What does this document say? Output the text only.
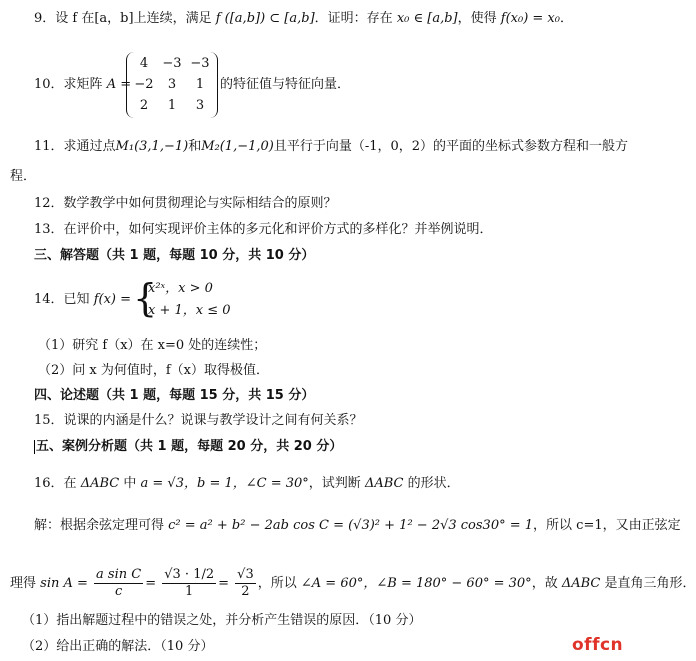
9．设 f 在[a，b]上连续，满足 f ([a,b]) ⊂ [a,b]．证明：存在 x₀ ∈ [a,b]，使得 f(x₀) = x₀．
10．求矩阵 A =
4	−3	−3
−2	3	1
2	1	3
的特征值与特征向量．
11．求通过点M₁(3,1,−1)和M₂(1,−1,0)且平行于向量（-1，0，2）的平面的坐标式参数方程和一般方
程．
12．数学教学中如何贯彻理论与实际相结合的原则？
13．在评价中，如何实现评价主体的多元化和评价方式的多样化？并举例说明．
三、解答题（共 1 题，每题 10 分，共 10 分）
14．已知 f(x) = {
x²ˣ，x > 0
x + 1，x ≤ 0
（1）研究 f（x）在 x=0 处的连续性；
（2）问 x 为何值时，f（x）取得极值．
四、论述题（共 1 题，每题 15 分，共 15 分）
15．说课的内涵是什么？说课与教学设计之间有何关系？
五、案例分析题（共 1 题，每题 20 分，共 20 分）
16．在 ΔABC 中 a = √3，b = 1，∠C = 30°，试判断 ΔABC 的形状．
解：根据余弦定理可得 c² = a² + b² − 2ab cos C = (√3)² + 1² − 2√3 cos30° = 1，所以 c=1，又由正弦定
理得 $\sin A = \frac{\text{a sin C}}{c} = \frac{√3 \cdot 1/2}{1} = \frac{√3}{2}$ ，所以 ∠A = 60°，∠B = 180° − 60° = 30°，故 ΔABC 是直角三角形．
（1）指出解题过程中的错误之处，并分析产生错误的原因．（10 分）
（2）给出正确的解法．（10 分）	offcn
